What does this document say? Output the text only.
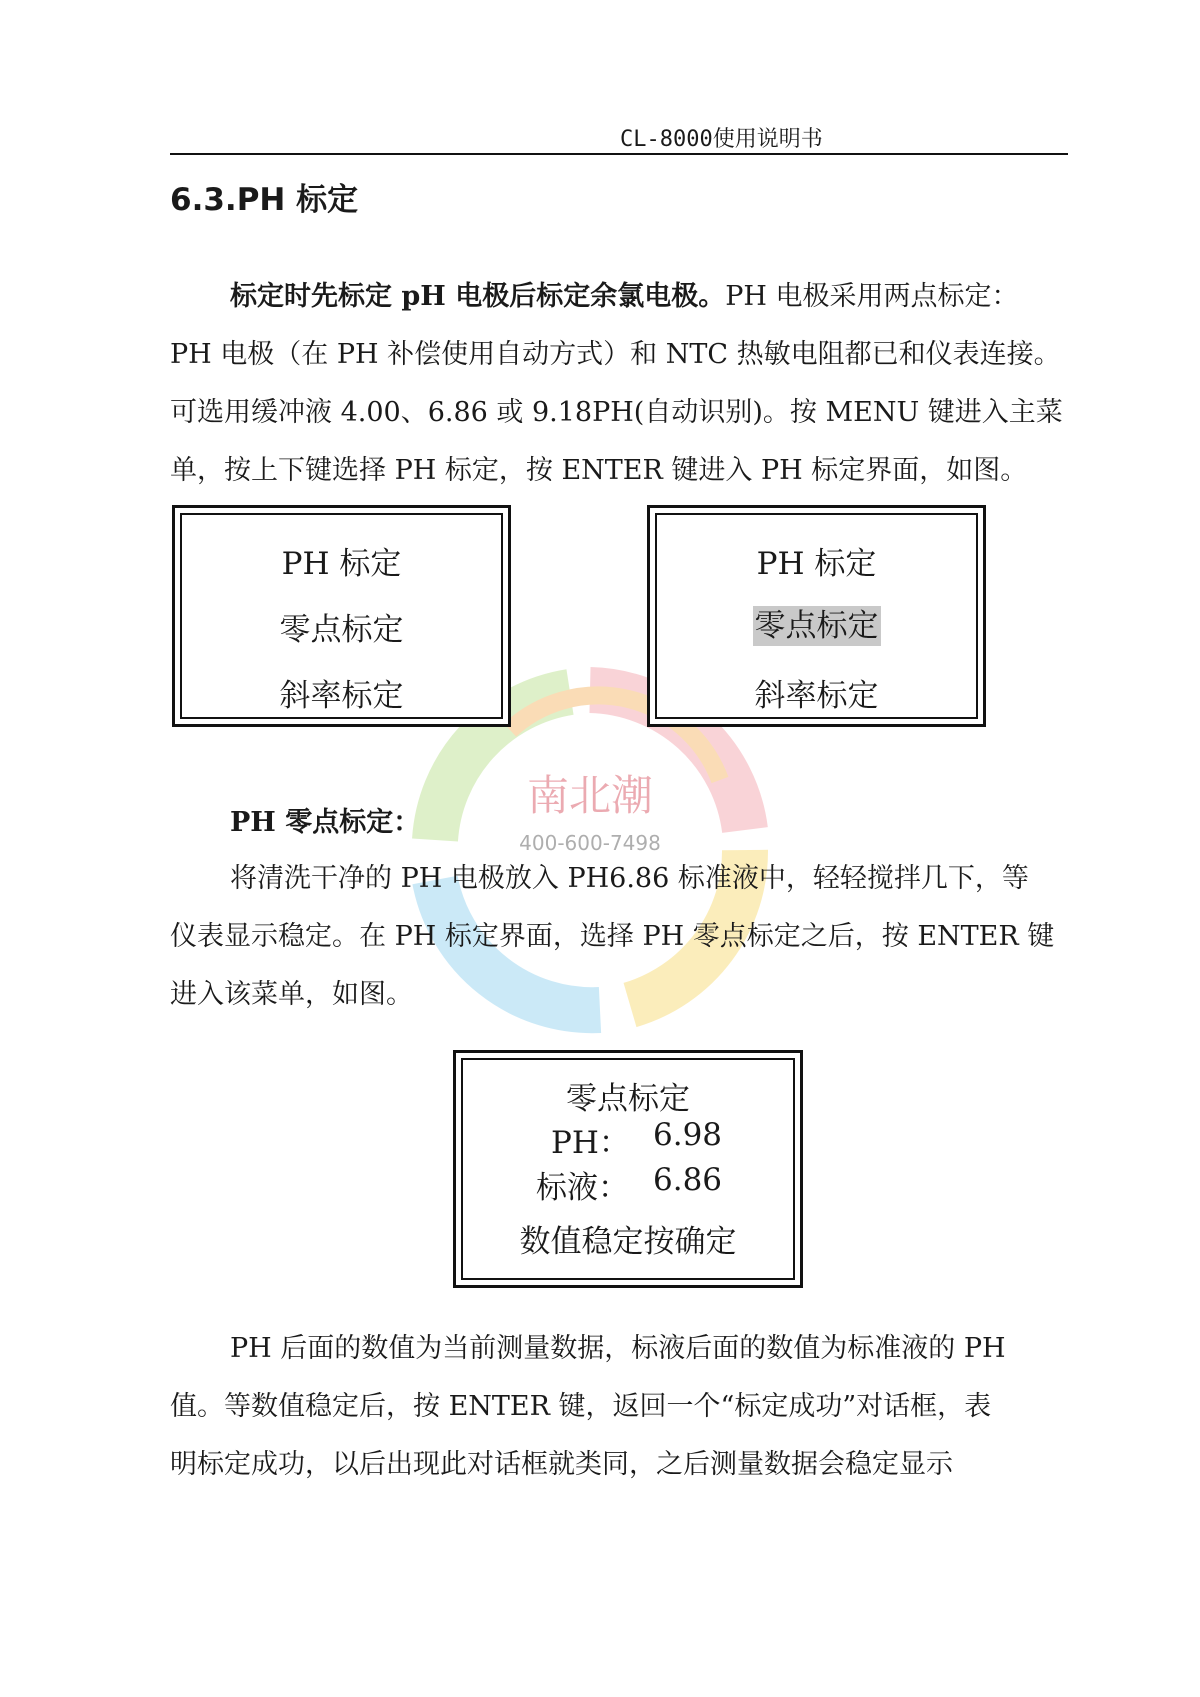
南北潮
400-600-7498
CL-8000使用说明书
6.3.PH 标定
标定时先标定 pH 电极后标定余氯电极。PH 电极采用两点标定：
PH 电极（在 PH 补偿使用自动方式）和 NTC 热敏电阻都已和仪表连接。
可选用缓冲液 4.00、6.86 或 9.18PH(自动识别)。按 MENU 键进入主菜
单，按上下键选择 PH 标定，按 ENTER 键进入 PH 标定界面，如图。
PH 标定
零点标定
斜率标定
PH 标定
零点标定
斜率标定
PH 零点标定：
将清洗干净的 PH 电极放入 PH6.86 标准液中，轻轻搅拌几下，等
仪表显示稳定。在 PH 标定界面，选择 PH 零点标定之后，按 ENTER 键
进入该菜单，如图。
零点标定
PH： 6.98
标液： 6.86
数值稳定按确定
PH 后面的数值为当前测量数据，标液后面的数值为标准液的 PH
值。等数值稳定后，按 ENTER 键，返回一个“标定成功”对话框，表
明标定成功，以后出现此对话框就类同，之后测量数据会稳定显示
